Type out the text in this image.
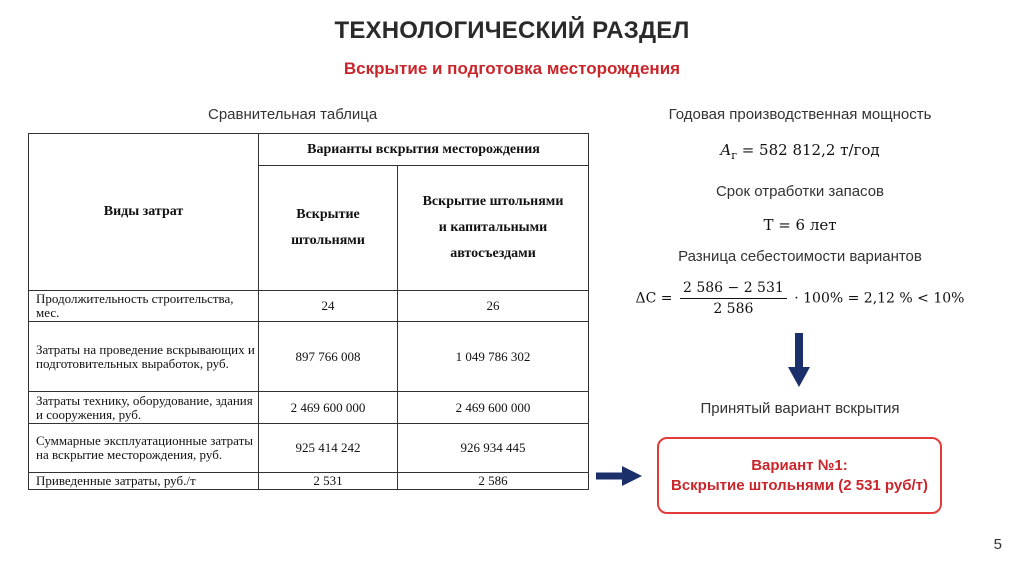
ТЕХНОЛОГИЧЕСКИЙ РАЗДЕЛ
Вскрытие и подготовка месторождения
Сравнительная таблица
Виды затрат	Варианты вскрытия месторождения	

	Вскрытие штольнями	Вскрытие штольнями и капитальными автосъездами

Продолжительность строительства, мес.	24	26
Затраты на проведение вскрывающих и подготовительных выработок, руб.	897 766 008	1 049 786 302
Затраты технику, оборудование, здания и сооружения, руб.	2 469 600 000	2 469 600 000
Суммарные эксплуатационные затраты на вскрытие месторождения, руб.	925 414 242	926 934 445
Приведенные затраты, руб./т	2 531	2 586
Годовая производственная мощность
$A_г = 582$ 812,2 т/год
Срок отработки запасов
T = 6 лет
Разница себестоимости вариантов
$\Delta C = \frac{2 586 - 2 531}{2 586} \cdot 100\% = 2,12$ % < 10%
Принятый вариант вскрытия
Вариант №1:
Вскрытие штольнями (2 531 руб/т)
5
